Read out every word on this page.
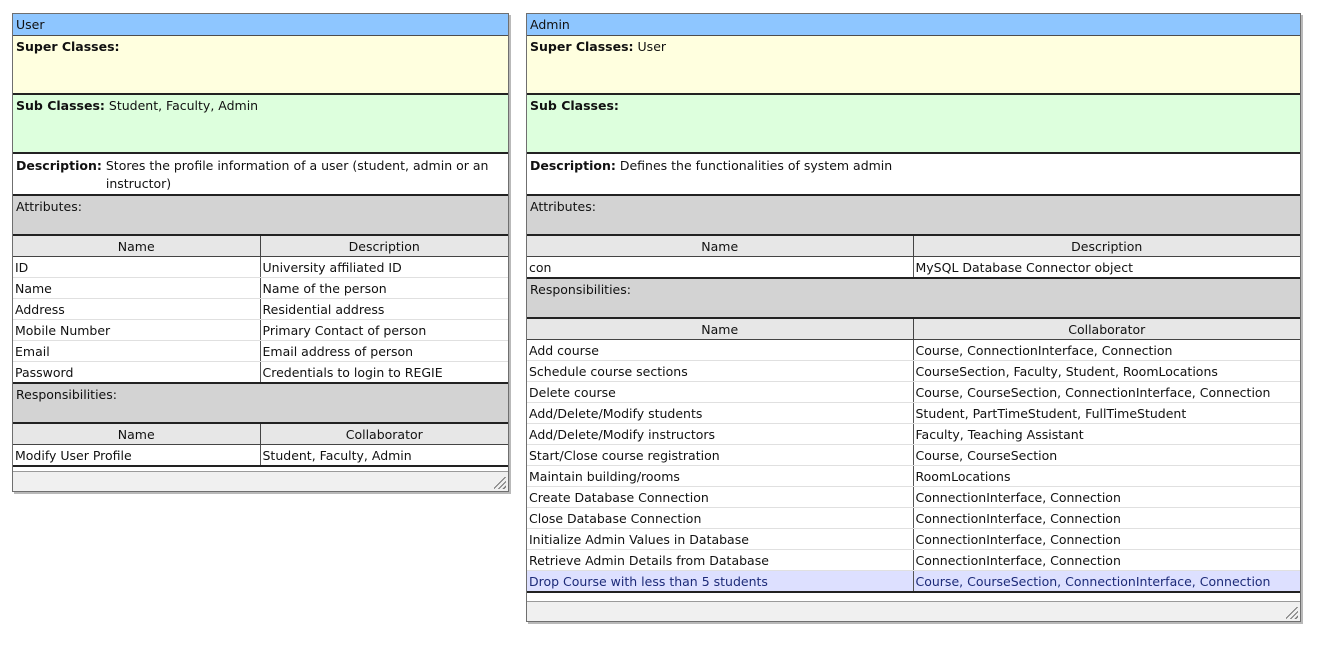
User
Super Classes:
Sub Classes: Student, Faculty, Admin
Description: Stores the profile information of a user (student, admin or an instructor)
Attributes:
Name	Description
ID	University affiliated ID
Name	Name of the person
Address	Residential address
Mobile Number	Primary Contact of person
Email	Email address of person
Password	Credentials to login to REGIE
Responsibilities:
Name	Collaborator
Modify User Profile	Student, Faculty, Admin
Admin
Super Classes: User
Sub Classes:
Description: Defines the functionalities of system admin
Attributes:
Name	Description
con	MySQL Database Connector object
Responsibilities:
Name	Collaborator
Add course	Course, ConnectionInterface, Connection
Schedule course sections	CourseSection, Faculty, Student, RoomLocations
Delete course	Course, CourseSection, ConnectionInterface, Connection
Add/Delete/Modify students	Student, PartTimeStudent, FullTimeStudent
Add/Delete/Modify instructors	Faculty, Teaching Assistant
Start/Close course registration	Course, CourseSection
Maintain building/rooms	RoomLocations
Create Database Connection	ConnectionInterface, Connection
Close Database Connection	ConnectionInterface, Connection
Initialize Admin Values in Database	ConnectionInterface, Connection
Retrieve Admin Details from Database	ConnectionInterface, Connection
Drop Course with less than 5 students	Course, CourseSection, ConnectionInterface, Connection
